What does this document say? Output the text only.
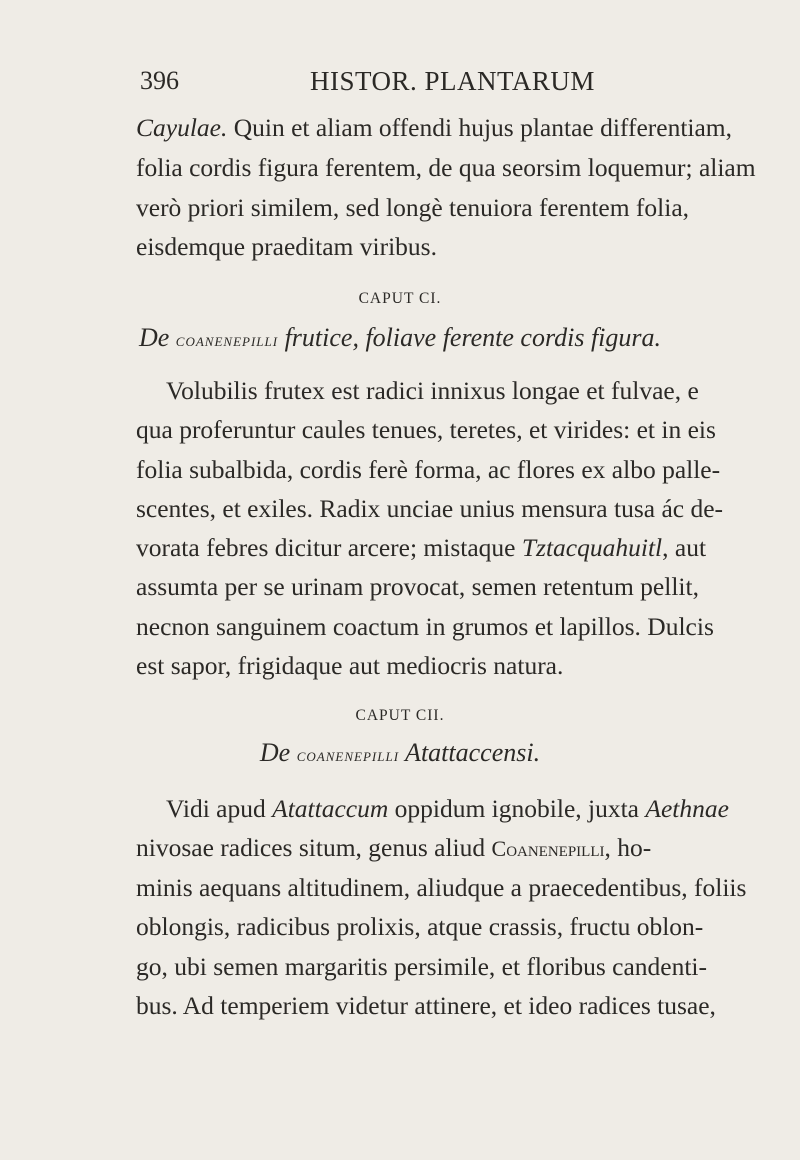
396	HISTOR. PLANTARUM
Cayulae. Quin et aliam offendi hujus plantae differentiam,
folia cordis figura ferentem, de qua seorsim loquemur; aliam
verò priori similem, sed longè tenuiora ferentem folia,
eisdemque praeditam viribus.
CAPUT CI.
De coanenepilli frutice, foliave ferente cordis figura.
Volubilis frutex est radici innixus longae et fulvae, e
qua proferuntur caules tenues, teretes, et virides: et in eis
folia subalbida, cordis ferè forma, ac flores ex albo palle-
scentes, et exiles. Radix unciae unius mensura tusa ác de-
vorata febres dicitur arcere; mistaque Tztacquahuitl, aut
assumta per se urinam provocat, semen retentum pellit,
necnon sanguinem coactum in grumos et lapillos. Dulcis
est sapor, frigidaque aut mediocris natura.
CAPUT CII.
De coanenepilli Atattaccensi.
Vidi apud Atattaccum oppidum ignobile, juxta Aethnae
nivosae radices situm, genus aliud Coanenepilli, ho-
minis aequans altitudinem, aliudque a praecedentibus, foliis
oblongis, radicibus prolixis, atque crassis, fructu oblon-
go, ubi semen margaritis persimile, et floribus candenti-
bus. Ad temperiem videtur attinere, et ideo radices tusae,
